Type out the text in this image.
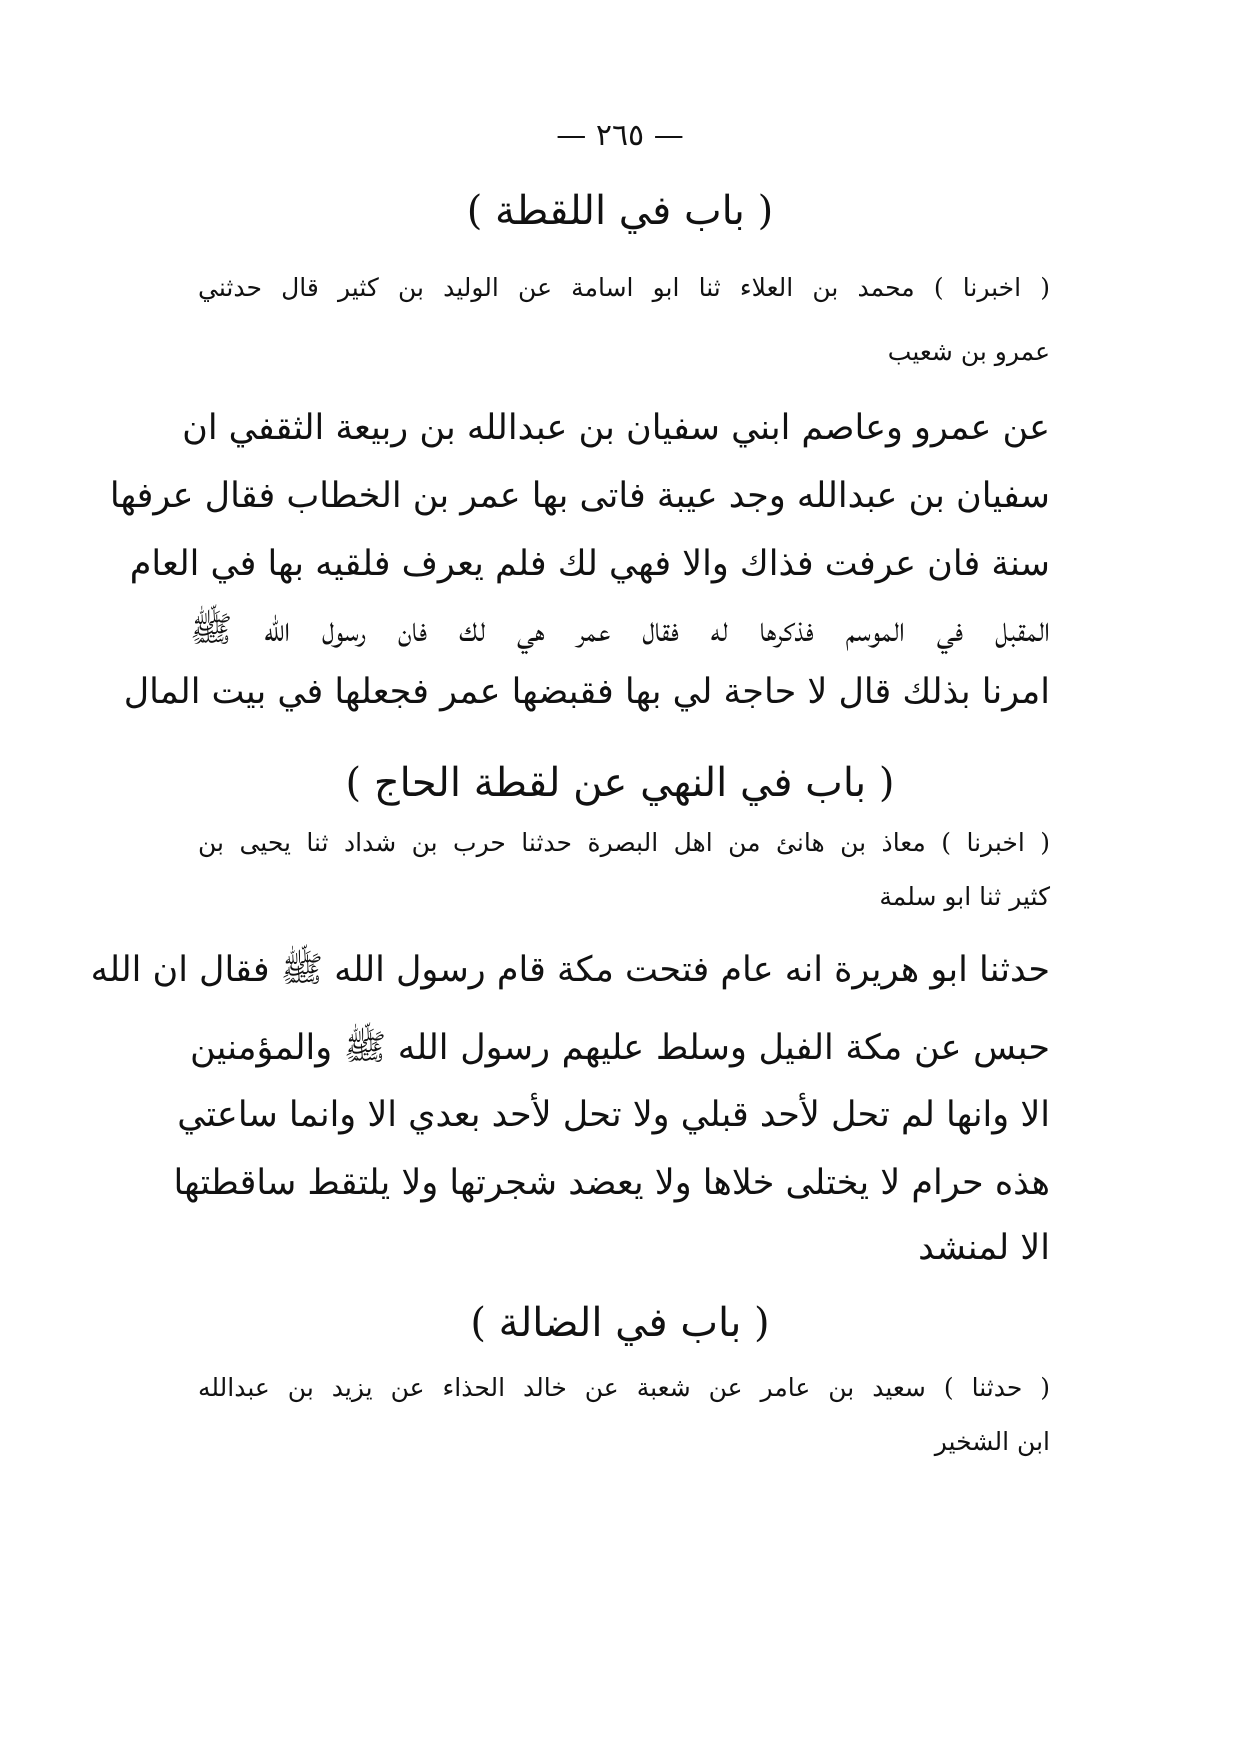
— ٢٦٥ —
( باب في اللقطة )
( اخبرنا ) محمد بن العلاء ثنا ابو اسامة عن الوليد بن كثير قال حدثني
عمرو بن شعيب
عن عمرو وعاصم ابني سفيان بن عبدالله بن ربيعة الثقفي ان
سفيان بن عبدالله وجد عيبة فاتى بها عمر بن الخطاب فقال عرفها
سنة فان عرفت فذاك والا فهي لك فلم يعرف فلقيه بها في العام
المقبل في الموسم فذكرها له فقال عمر هي لك فان رسول الله ﷺ
امرنا بذلك قال لا حاجة لي بها فقبضها عمر فجعلها في بيت المال
( باب في النهي عن لقطة الحاج )
( اخبرنا ) معاذ بن هانئ من اهل البصرة حدثنا حرب بن شداد ثنا يحيى بن
كثير ثنا ابو سلمة
حدثنا ابو هريرة انه عام فتحت مكة قام رسول الله ﷺ فقال ان الله
حبس عن مكة الفيل وسلط عليهم رسول الله ﷺ والمؤمنين
الا وانها لم تحل لأحد قبلي ولا تحل لأحد بعدي الا وانما ساعتي
هذه حرام لا يختلى خلاها ولا يعضد شجرتها ولا يلتقط ساقطتها
الا لمنشد
( باب في الضالة )
( حدثنا ) سعيد بن عامر عن شعبة عن خالد الحذاء عن يزيد بن عبدالله
ابن الشخير
